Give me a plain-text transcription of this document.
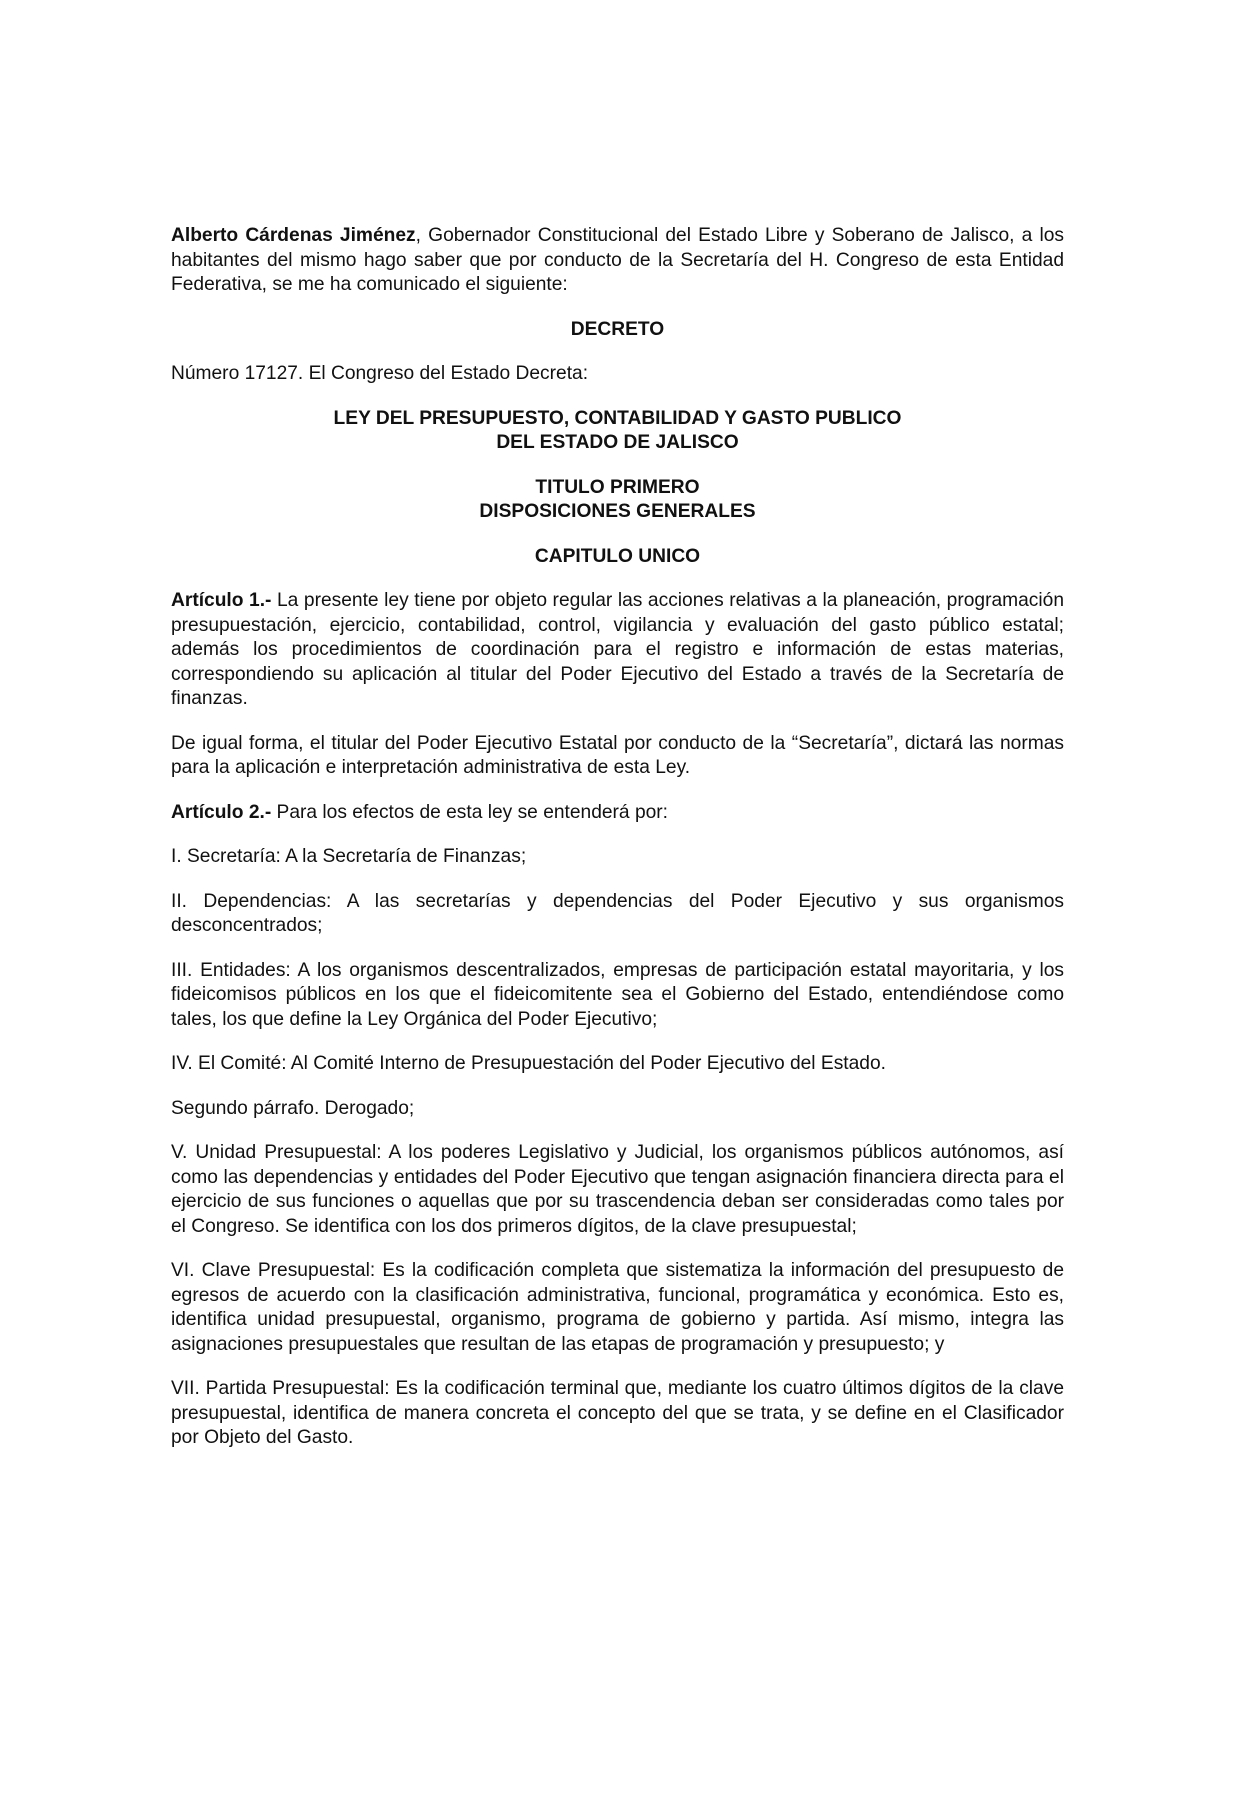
Alberto Cárdenas Jiménez, Gobernador Constitucional del Estado Libre y Soberano de Jalisco, a los habitantes del mismo hago saber que por conducto de la Secretaría del H. Congreso de esta Entidad Federativa, se me ha comunicado el siguiente:

DECRETO

Número 17127. El Congreso del Estado Decreta:

LEY DEL PRESUPUESTO, CONTABILIDAD Y GASTO PUBLICO
DEL ESTADO DE JALISCO
TITULO PRIMERO
DISPOSICIONES GENERALES
CAPITULO UNICO

Artículo 1.- La presente ley tiene por objeto regular las acciones relativas a la planeación, programación presupuestación, ejercicio, contabilidad, control, vigilancia y evaluación del gasto público estatal; además los procedimientos de coordinación para el registro e información de estas materias, correspondiendo su aplicación al titular del Poder Ejecutivo del Estado a través de la Secretaría de finanzas.

De igual forma, el titular del Poder Ejecutivo Estatal por conducto de la “Secretaría”, dictará las normas para la aplicación e interpretación administrativa de esta Ley.

Artículo 2.- Para los efectos de esta ley se entenderá por:

I. Secretaría: A la Secretaría de Finanzas;

II. Dependencias: A las secretarías y dependencias del Poder Ejecutivo y sus organismos desconcentrados;

III. Entidades: A los organismos descentralizados, empresas de participación estatal mayoritaria, y los fideicomisos públicos en los que el fideicomitente sea el Gobierno del Estado, entendiéndose como tales, los que define la Ley Orgánica del Poder Ejecutivo;

IV. El Comité: Al Comité Interno de Presupuestación del Poder Ejecutivo del Estado.

Segundo párrafo. Derogado;

V. Unidad Presupuestal: A los poderes Legislativo y Judicial, los organismos públicos autónomos, así como las dependencias y entidades del Poder Ejecutivo que tengan asignación financiera directa para el ejercicio de sus funciones o aquellas que por su trascendencia deban ser consideradas como tales por el Congreso. Se identifica con los dos primeros dígitos, de la clave presupuestal;

VI. Clave Presupuestal: Es la codificación completa que sistematiza la información del presupuesto de egresos de acuerdo con la clasificación administrativa, funcional, programática y económica. Esto es, identifica unidad presupuestal, organismo, programa de gobierno y partida. Así mismo, integra las asignaciones presupuestales que resultan de las etapas de programación y presupuesto; y

VII. Partida Presupuestal: Es la codificación terminal que, mediante los cuatro últimos dígitos de la clave presupuestal, identifica de manera concreta el concepto del que se trata, y se define en el Clasificador por Objeto del Gasto.
